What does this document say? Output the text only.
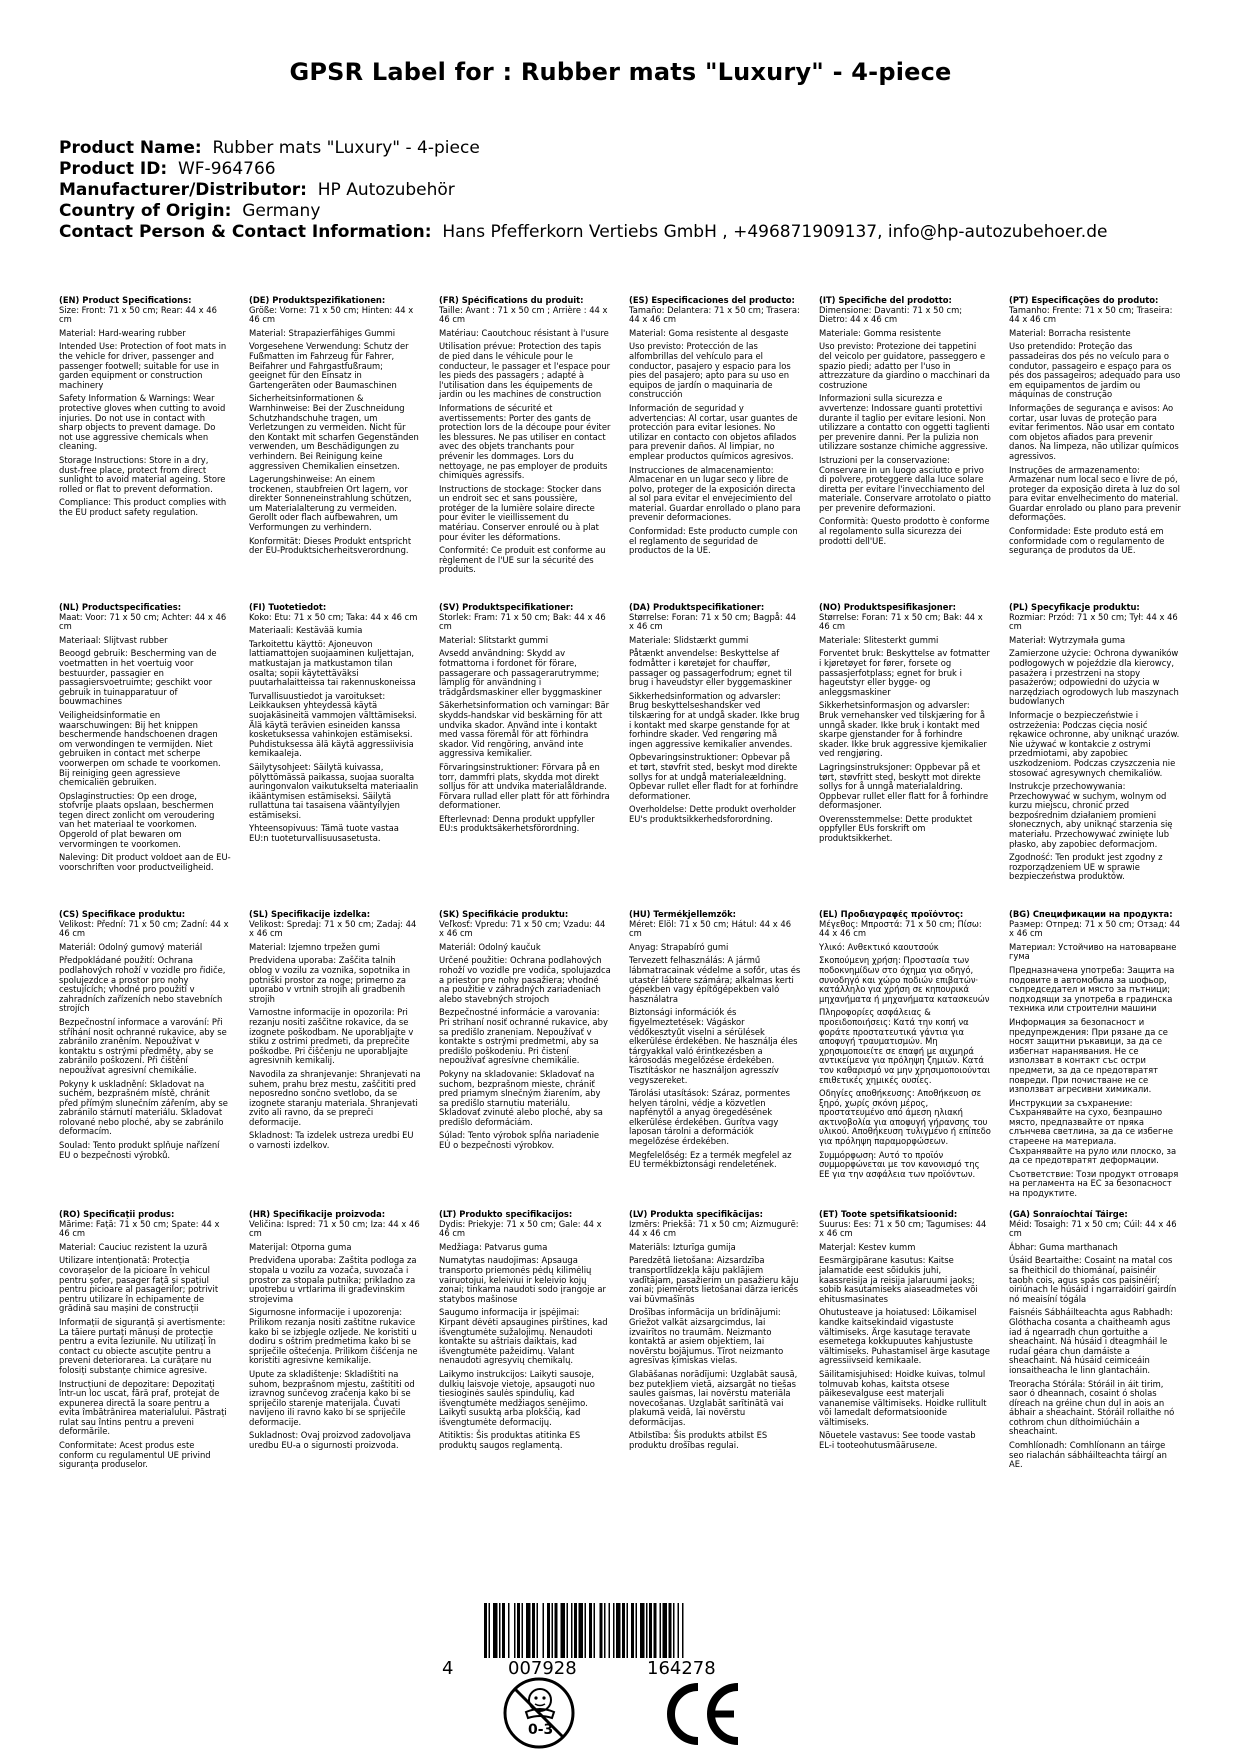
GPSR Label for : Rubber mats "Luxury" - 4-piece
Product Name: Rubber mats "Luxury" - 4-piece
Product ID: WF-964766
Manufacturer/Distributor: HP Autozubehör
Country of Origin: Germany
Contact Person & Contact Information: Hans Pfefferkorn Vertiebs GmbH , +496871909137, info@hp-autozubehoer.de
(EN) Product Specifications:

Size: Front: 71 x 50 cm; Rear: 44 x 46 cm

Material: Hard-wearing rubber

Intended Use: Protection of foot mats in the vehicle for driver, passenger and passenger footwell; suitable for use in garden equipment or construction machinery

Safety Information & Warnings: Wear protective gloves when cutting to avoid injuries. Do not use in contact with sharp objects to prevent damage. Do not use aggressive chemicals when cleaning.

Storage Instructions: Store in a dry, dust-free place, protect from direct sunlight to avoid material ageing. Store rolled or flat to prevent deformation.

Compliance: This product complies with the EU product safety regulation.

(DE) Produktspezifikationen:

Größe: Vorne: 71 x 50 cm; Hinten: 44 x 46 cm

Material: Strapazierfähiges Gummi

Vorgesehene Verwendung: Schutz der Fußmatten im Fahrzeug für Fahrer, Beifahrer und Fahrgastfußraum; geeignet für den Einsatz in Gartengeräten oder Baumaschinen

Sicherheitsinformationen & Warnhinweise: Bei der Zuschneidung Schutzhandschuhe tragen, um Verletzungen zu vermeiden. Nicht für den Kontakt mit scharfen Gegenständen verwenden, um Beschädigungen zu verhindern. Bei Reinigung keine aggressiven Chemikalien einsetzen.

Lagerungshinweise: An einem trockenen, staubfreien Ort lagern, vor direkter Sonneneinstrahlung schützen, um Materialalterung zu vermeiden. Gerollt oder flach aufbewahren, um Verformungen zu verhindern.

Konformität: Dieses Produkt entspricht der EU-Produktsicherheitsverordnung.

(FR) Spécifications du produit:

Taille: Avant : 71 x 50 cm ; Arrière : 44 x 46 cm

Matériau: Caoutchouc résistant à l'usure

Utilisation prévue: Protection des tapis de pied dans le véhicule pour le conducteur, le passager et l'espace pour les pieds des passagers ; adapté à l'utilisation dans les équipements de jardin ou les machines de construction

Informations de sécurité et avertissements: Porter des gants de protection lors de la découpe pour éviter les blessures. Ne pas utiliser en contact avec des objets tranchants pour prévenir les dommages. Lors du nettoyage, ne pas employer de produits chimiques agressifs.

Instructions de stockage: Stocker dans un endroit sec et sans poussière, protéger de la lumière solaire directe pour éviter le vieillissement du matériau. Conserver enroulé ou à plat pour éviter les déformations.

Conformité: Ce produit est conforme au règlement de l'UE sur la sécurité des produits.

(ES) Especificaciones del producto:

Tamaño: Delantera: 71 x 50 cm; Trasera: 44 x 46 cm

Material: Goma resistente al desgaste

Uso previsto: Protección de las alfombrillas del vehículo para el conductor, pasajero y espacio para los pies del pasajero; apto para su uso en equipos de jardín o maquinaria de construcción

Información de seguridad y advertencias: Al cortar, usar guantes de protección para evitar lesiones. No utilizar en contacto con objetos afilados para prevenir daños. Al limpiar, no emplear productos químicos agresivos.

Instrucciones de almacenamiento: Almacenar en un lugar seco y libre de polvo, proteger de la exposición directa al sol para evitar el envejecimiento del material. Guardar enrollado o plano para prevenir deformaciones.

Conformidad: Este producto cumple con el reglamento de seguridad de productos de la UE.

(IT) Specifiche del prodotto:

Dimensione: Davanti: 71 x 50 cm; Dietro: 44 x 46 cm

Materiale: Gomma resistente

Uso previsto: Protezione dei tappetini del veicolo per guidatore, passeggero e spazio piedi; adatto per l'uso in attrezzature da giardino o macchinari da costruzione

Informazioni sulla sicurezza e avvertenze: Indossare guanti protettivi durante il taglio per evitare lesioni. Non utilizzare a contatto con oggetti taglienti per prevenire danni. Per la pulizia non utilizzare sostanze chimiche aggressive.

Istruzioni per la conservazione: Conservare in un luogo asciutto e privo di polvere, proteggere dalla luce solare diretta per evitare l'invecchiamento del materiale. Conservare arrotolato o piatto per prevenire deformazioni.

Conformità: Questo prodotto è conforme al regolamento sulla sicurezza dei prodotti dell'UE.

(PT) Especificações do produto:

Tamanho: Frente: 71 x 50 cm; Traseira: 44 x 46 cm

Material: Borracha resistente

Uso pretendido: Proteção das passadeiras dos pés no veículo para o condutor, passageiro e espaço para os pés dos passageiros; adequado para uso em equipamentos de jardim ou máquinas de construção

Informações de segurança e avisos: Ao cortar, usar luvas de proteção para evitar ferimentos. Não usar em contato com objetos afiados para prevenir danos. Na limpeza, não utilizar químicos agressivos.

Instruções de armazenamento: Armazenar num local seco e livre de pó, proteger da exposição direta à luz do sol para evitar envelhecimento do material. Guardar enrolado ou plano para prevenir deformações.

Conformidade: Este produto está em conformidade com o regulamento de segurança de produtos da UE.

(NL) Productspecificaties:

Maat: Voor: 71 x 50 cm; Achter: 44 x 46 cm

Materiaal: Slijtvast rubber

Beoogd gebruik: Bescherming van de voetmatten in het voertuig voor bestuurder, passagier en passagiersvoetruimte; geschikt voor gebruik in tuinapparatuur of bouwmachines

Veiligheidsinformatie en waarschuwingen: Bij het knippen beschermende handschoenen dragen om verwondingen te vermijden. Niet gebruiken in contact met scherpe voorwerpen om schade te voorkomen. Bij reiniging geen agressieve chemicaliën gebruiken.

Opslaginstructies: Op een droge, stofvrije plaats opslaan, beschermen tegen direct zonlicht om veroudering van het materiaal te voorkomen. Opgerold of plat bewaren om vervormingen te voorkomen.

Naleving: Dit product voldoet aan de EU-voorschriften voor productveiligheid.

(FI) Tuotetiedot:

Koko: Etu: 71 x 50 cm; Taka: 44 x 46 cm

Materiaali: Kestävää kumia

Tarkoitettu käyttö: Ajoneuvon lattiamattojen suojaaminen kuljettajan, matkustajan ja matkustamon tilan osalta; sopii käytettäväksi puutarhalaitteissa tai rakennuskoneissa

Turvallisuustiedot ja varoitukset: Leikkauksen yhteydessä käytä suojakäsineitä vammojen välttämiseksi. Älä käytä terävien esineiden kanssa kosketuksessa vahinkojen estämiseksi. Puhdistuksessa älä käytä aggressiivisia kemikaaleja.

Säilytysohjeet: Säilytä kuivassa, pölyttömässä paikassa, suojaa suoralta auringonvalon vaikutukselta materiaalin ikääntymisen estämiseksi. Säilytä rullattuna tai tasaisena vääntyilyjen estämiseksi.

Yhteensopivuus: Tämä tuote vastaa EU:n tuoteturvallisuusasetusta.

(SV) Produktspecifikationer:

Storlek: Fram: 71 x 50 cm; Bak: 44 x 46 cm

Material: Slitstarkt gummi

Avsedd användning: Skydd av fotmattorna i fordonet för förare, passagerare och passagerarutrymme; lämplig för användning i trädgårdsmaskiner eller byggmaskiner

Säkerhetsinformation och varningar: Bär skydds-handskar vid beskärning för att undvika skador. Använd inte i kontakt med vassa föremål för att förhindra skador. Vid rengöring, använd inte aggressiva kemikalier.

Förvaringsinstruktioner: Förvara på en torr, dammfri plats, skydda mot direkt solljus för att undvika materialåldrande. Förvara rullad eller platt för att förhindra deformationer.

Efterlevnad: Denna produkt uppfyller EU:s produktsäkerhetsförordning.

(DA) Produktspecifikationer:

Størrelse: Foran: 71 x 50 cm; Bagpå: 44 x 46 cm

Materiale: Slidstærkt gummi

Påtænkt anvendelse: Beskyttelse af fodmåtter i køretøjet for chauffør, passager og passagerfodrum; egnet til brug i haveudstyr eller byggemaskiner

Sikkerhedsinformation og advarsler: Brug beskyttelseshandsker ved tilskæring for at undgå skader. Ikke brug i kontakt med skarpe genstande for at forhindre skader. Ved rengøring må ingen aggressive kemikalier anvendes.

Opbevaringsinstruktioner: Opbevar på et tørt, støvfrit sted, beskyt mod direkte sollys for at undgå materialeældning. Opbevar rullet eller fladt for at forhindre deformationer.

Overholdelse: Dette produkt overholder EU's produktsikkerhedsforordning.

(NO) Produktspesifikasjoner:

Størrelse: Foran: 71 x 50 cm; Bak: 44 x 46 cm

Materiale: Slitesterkt gummi

Forventet bruk: Beskyttelse av fotmatter i kjøretøyet for fører, forsete og passasjerfotplass; egnet for bruk i hageutstyr eller bygge- og anleggsmaskiner

Sikkerhetsinformasjon og advarsler: Bruk vernehansker ved tilskjæring for å unngå skader. Ikke bruk i kontakt med skarpe gjenstander for å forhindre skader. Ikke bruk aggressive kjemikalier ved rengjøring.

Lagringsinstruksjoner: Oppbevar på et tørt, støvfritt sted, beskytt mot direkte sollys for å unngå materialaldring. Oppbevar rullet eller flatt for å forhindre deformasjoner.

Overensstemmelse: Dette produktet oppfyller EUs forskrift om produktsikkerhet.

(PL) Specyfikacje produktu:

Rozmiar: Przód: 71 x 50 cm; Tył: 44 x 46 cm

Materiał: Wytrzymała guma

Zamierzone użycie: Ochrona dywaników podłogowych w pojeździe dla kierowcy, pasażera i przestrzeni na stopy pasażerów; odpowiedni do użycia w narzędziach ogrodowych lub maszynach budowlanych

Informacje o bezpieczeństwie i ostrzeżenia: Podczas cięcia nosić rękawice ochronne, aby uniknąć urazów. Nie używać w kontakcie z ostrymi przedmiotami, aby zapobiec uszkodzeniom. Podczas czyszczenia nie stosować agresywnych chemikaliów.

Instrukcje przechowywania: Przechowywać w suchym, wolnym od kurzu miejscu, chronić przed bezpośrednim działaniem promieni słonecznych, aby uniknąć starzenia się materiału. Przechowywać zwinięte lub płasko, aby zapobiec deformacjom.

Zgodność: Ten produkt jest zgodny z rozporządzeniem UE w sprawie bezpieczeństwa produktów.

(CS) Specifikace produktu:

Velikost: Přední: 71 x 50 cm; Zadní: 44 x 46 cm

Materiál: Odolný gumový materiál

Předpokládané použití: Ochrana podlahových rohoží v vozidle pro řidiče, spolujezdce a prostor pro nohy cestujících; vhodné pro použití v zahradních zařízeních nebo stavebních strojích

Bezpečnostní informace a varování: Při stříhání nosit ochranné rukavice, aby se zabránilo zraněním. Nepoužívat v kontaktu s ostrými předměty, aby se zabránilo poškození. Při čištění nepoužívat agresivní chemikálie.

Pokyny k uskladnění: Skladovat na suchém, bezprašném místě, chránit před přímým slunečním zářením, aby se zabránilo stárnutí materiálu. Skladovat rolované nebo ploché, aby se zabránilo deformacím.

Soulad: Tento produkt splňuje nařízení EU o bezpečnosti výrobků.

(SL) Specifikacije izdelka:

Velikost: Spredaj: 71 x 50 cm; Zadaj: 44 x 46 cm

Material: Izjemno trpežen gumi

Predvidena uporaba: Zaščita talnih oblog v vozilu za voznika, sopotnika in potniški prostor za noge; primerno za uporabo v vrtnih strojih ali gradbenih strojih

Varnostne informacije in opozorila: Pri rezanju nositi zaščitne rokavice, da se izognete poškodbam. Ne uporabljajte v stiku z ostrimi predmeti, da preprečite poškodbe. Pri čiščenju ne uporabljajte agresivnih kemikalij.

Navodila za shranjevanje: Shranjevati na suhem, prahu brez mestu, zaščititi pred neposredno sončno svetlobo, da se izognete staranju materiala. Shranjevati zvito ali ravno, da se prepreči deformacije.

Skladnost: Ta izdelek ustreza uredbi EU o varnosti izdelkov.

(SK) Špecifikácie produktu:

Veľkosť: Vpredu: 71 x 50 cm; Vzadu: 44 x 46 cm

Materiál: Odolný kaučuk

Určené použitie: Ochrana podlahových rohoží vo vozidle pre vodiča, spolujazdca a priestor pre nohy pasažiera; vhodné na použitie v záhradných zariadeniach alebo stavebných strojoch

Bezpečnostné informácie a varovania: Pri strihaní nosiť ochranné rukavice, aby sa predišlo zraneniam. Nepoužívať v kontakte s ostrými predmetmi, aby sa predišlo poškodeniu. Pri čistení nepoužívať agresívne chemikálie.

Pokyny na skladovanie: Skladovať na suchom, bezprašnom mieste, chrániť pred priamym slnečným žiarením, aby sa predišlo starnutiu materiálu. Skladovať zvinuté alebo ploché, aby sa predišlo deformáciám.

Súlad: Tento výrobok spĺňa nariadenie EÚ o bezpečnosti výrobkov.

(HU) Termékjellemzők:

Méret: Elöl: 71 x 50 cm; Hátul: 44 x 46 cm

Anyag: Strapabíró gumi

Tervezett felhasználás: A jármű lábmatracainak védelme a sofőr, utas és utastér lábtere számára; alkalmas kerti gépekben vagy építőgépekben való használatra

Biztonsági információk és figyelmeztetések: Vágáskor védőkesztyűt viselni a sérülések elkerülése érdekében. Ne használja éles tárgyakkal való érintkezésben a károsodás megelőzése érdekében. Tisztításkor ne használjon agresszív vegyszereket.

Tárolási utasítások: Száraz, pormentes helyen tárolni, védje a közvetlen napfénytől a anyag öregedésének elkerülése érdekében. Gurítva vagy laposan tárolni a deformációk megelőzése érdekében.

Megfelelőség: Ez a termék megfelel az EU termékbiztonsági rendeletének.

(EL) Προδιαγραφές προϊόντος:

Μέγεθος: Μπροστά: 71 x 50 cm; Πίσω: 44 x 46 cm

Υλικό: Ανθεκτικό καουτσούκ

Σκοπούμενη χρήση: Προστασία των ποδοκνημίδων στο όχημα για οδηγό, συνοδηγό και χώρο ποδιών επιβατών· κατάλληλο για χρήση σε κηπουρικά μηχανήματα ή μηχανήματα κατασκευών

Πληροφορίες ασφάλειας & προειδοποιήσεις: Κατά την κοπή να φοράτε προστατευτικά γάντια για αποφυγή τραυματισμών. Μη χρησιμοποιείτε σε επαφή με αιχμηρά αντικείμενα για πρόληψη ζημιών. Κατά τον καθαρισμό να μην χρησιμοποιούνται επιθετικές χημικές ουσίες.

Οδηγίες αποθήκευσης: Αποθήκευση σε ξηρό, χωρίς σκόνη μέρος, προστατευμένο από άμεση ηλιακή ακτινοβολία για αποφυγή γήρανσης του υλικού. Αποθήκευση τυλιγμένο ή επίπεδο για πρόληψη παραμορφώσεων.

Συμμόρφωση: Αυτό το προϊόν συμμορφώνεται με τον κανονισμό της ΕΕ για την ασφάλεια των προϊόντων.

(BG) Спецификации на продукта:

Размер: Отпред: 71 x 50 cm; Отзад: 44 x 46 cm

Материал: Устойчиво на натоварване гума

Предназначена употреба: Защита на подовите в автомобила за шофьор, съпредседател и място за пътници; подходящи за употреба в градинска техника или строителни машини

Информация за безопасност и предупреждения: При рязане да се носят защитни ръкавици, за да се избегнат наранявания. Не се използват в контакт със остри предмети, за да се предотвратят повреди. При почистване не се използват агресивни химикали.

Инструкции за съхранение: Съхранявайте на сухо, безпрашно място, предпазвайте от пряка слънчева светлина, за да се избегне стареене на материала. Съхранявайте на руло или плоско, за да се предотвратят деформации.

Съответствие: Този продукт отговаря на регламента на ЕС за безопасност на продуктите.

(RO) Specificații produs:

Mărime: Față: 71 x 50 cm; Spate: 44 x 46 cm

Material: Cauciuc rezistent la uzură

Utilizare intenționată: Protecția covorașelor de la picioare în vehicul pentru șofer, pasager față și spațiul pentru picioare al pasagerilor; potrivit pentru utilizare în echipamente de grădină sau mașini de construcții

Informații de siguranță și avertismente: La tăiere purtați mănuși de protecție pentru a evita leziunile. Nu utilizați în contact cu obiecte ascuțite pentru a preveni deteriorarea. La curățare nu folosiți substanțe chimice agresive.

Instrucțiuni de depozitare: Depozitați într-un loc uscat, fără praf, protejat de expunerea directă la soare pentru a evita îmbătrânirea materialului. Păstrați rulat sau întins pentru a preveni deformările.

Conformitate: Acest produs este conform cu regulamentul UE privind siguranța produselor.

(HR) Specifikacije proizvoda:

Veličina: Ispred: 71 x 50 cm; Iza: 44 x 46 cm

Materijal: Otporna guma

Predviđena uporaba: Zaštita podloga za stopala u vozilu za vozača, suvozača i prostor za stopala putnika; prikladno za upotrebu u vrtlarima ili građevinskim strojevima

Sigurnosne informacije i upozorenja: Prilikom rezanja nositi zaštitne rukavice kako bi se izbjegle ozljede. Ne koristiti u dodiru s oštrim predmetima kako bi se spriječile oštećenja. Prilikom čišćenja ne koristiti agresivne kemikalije.

Upute za skladištenje: Skladištiti na suhom, bezprašnom mjestu, zaštititi od izravnog sunčevog zračenja kako bi se spriječilo starenje materijala. Čuvati navijeno ili ravno kako bi se spriječile deformacije.

Sukladnost: Ovaj proizvod zadovoljava uredbu EU-a o sigurnosti proizvoda.

(LT) Produkto specifikacijos:

Dydis: Priekyje: 71 x 50 cm; Gale: 44 x 46 cm

Medžiaga: Patvarus guma

Numatytas naudojimas: Apsauga transporto priemonės pėdų kilimėlių vairuotojui, keleiviui ir keleivio kojų zonai; tinkama naudoti sodo įrangoje ar statybos mašinose

Saugumo informacija ir įspėjimai: Kirpant dėvėti apsaugines pirštines, kad išvengtumėte sužalojimų. Nenaudoti kontakte su aštriais daiktais, kad išvengtumėte pažeidimų. Valant nenaudoti agresyvių chemikalų.

Laikymo instrukcijos: Laikyti sausoje, dulkių laisvoje vietoje, apsaugoti nuo tiesioginės saulės spindulių, kad išvengtumėte medžiagos senėjimo. Laikyti susuktą arba plokščią, kad išvengtumėte deformacijų.

Atitiktis: Šis produktas atitinka ES produktų saugos reglamentą.

(LV) Produkta specifikācijas:

Izmērs: Priekšā: 71 x 50 cm; Aizmugurē: 44 x 46 cm

Materiāls: Izturīga gumija

Paredzētā lietošana: Aizsardzība transportlīdzekļa kāju paklājiem vadītājam, pasažierim un pasažieru kāju zonai; piemērots lietošanai dārza iericēs vai būvmašīnās

Drošības informācija un brīdinājumi: Griežot valkāt aizsargcimdus, lai izvairītos no traumām. Neizmanto kontaktā ar asiem objektiem, lai novērstu bojājumus. Tīrot neizmanto agresīvas ķīmiskas vielas.

Glabāšanas norādījumi: Uzglabāt sausā, bez putekļiem vietā, aizsargāt no tiešas saules gaismas, lai novērstu materiāla novecošanas. Uzglabāt sarītinātā vai plakumā veidā, lai novērstu deformācijas.

Atbilstība: Šis produkts atbilst ES produktu drošības regulai.

(ET) Toote spetsifikatsioonid:

Suurus: Ees: 71 x 50 cm; Tagumises: 44 x 46 cm

Materjal: Kestev kumm

Eesmärgipärane kasutus: Kaitse jalamatide eest sõidukis juhi, kaassreisija ja reisija jalaruumi jaoks; sobib kasutamiseks aiaseadmetes või ehitusmasinates

Ohutusteave ja hoiatused: Lõikamisel kandke kaitsekindaid vigastuste vältimiseks. Ärge kasutage teravate esemetega kokkupuutes kahjustuste vältimiseks. Puhastamisel ärge kasutage agressiivseid kemikaale.

Säilitamisjuhised: Hoidke kuivas, tolmul tolmuvab kohas, kaitsta otsese päikesevalguse eest materjali vananemise vältimiseks. Hoidke rullitult või lamedalt deformatsioonide vältimiseks.

Nõuetele vastavus: See toode vastab EL-i tooteohutusmääruseле.

(GA) Sonraíochtaí Táirge:

Méid: Tosaigh: 71 x 50 cm; Cúil: 44 x 46 cm

Ábhar: Guma marthanach

Úsáid Beartaithe: Cosaint na matal cos sa fheithicil do thiománaí, paisinéir taobh cois, agus spás cos paisinéirí; oiriúnach le húsáid i ngarraidóirí gairdín nó meaisíní tógála

Faisnéis Sábháilteachta agus Rabhadh: Glóthacha cosanta a chaitheamh agus iad á ngearradh chun gortuithe a sheachaint. Ná húsáid i dteagmháil le rudaí géara chun damáiste a sheachaint. Ná húsáid ceimiceáin ionsaitheacha le linn glantacháin.

Treoracha Stórála: Stóráil in áit tirim, saor ó dheannach, cosaint ó sholas díreach na gréine chun dul in aois an ábhair a sheachaint. Stóráil rollaithe nó cothrom chun díthoimiúcháin a sheachaint.

Comhlíonadh: Comhlíonann an táirge seo rialachán sábháilteachta táirgí an AE.

4	007928	164278
0-3
